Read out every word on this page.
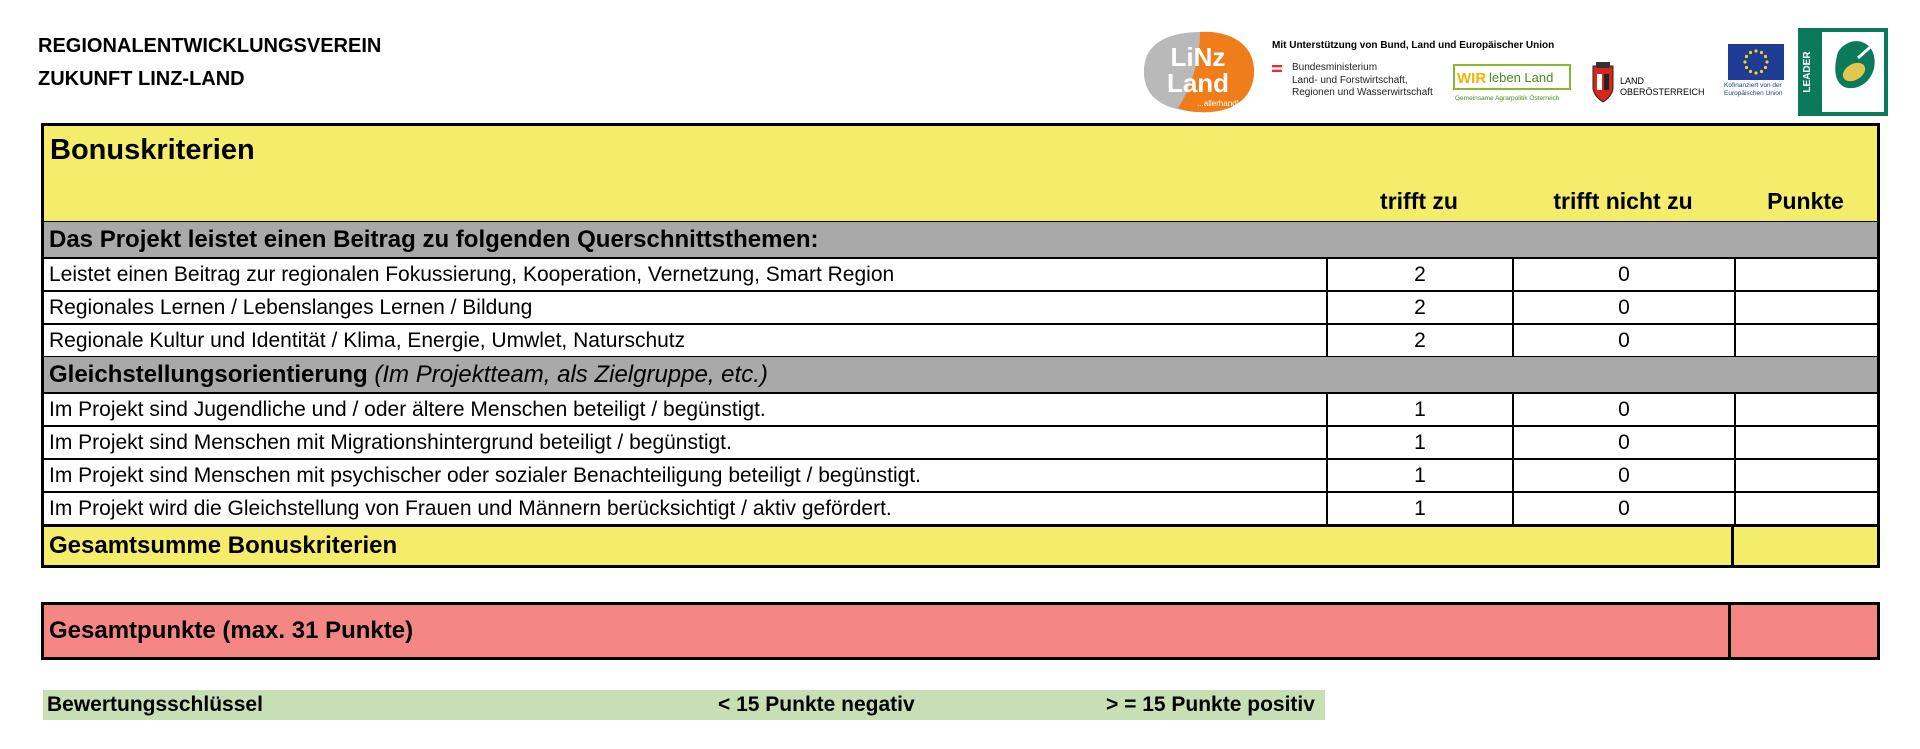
REGIONALENTWICKLUNGSVEREIN
ZUKUNFT LINZ-LAND
LiNz
Land
...allerhand!
Mit Unterstützung von Bund, Land und Europäischer Union
Bundesministerium
Land- und Forstwirtschaft,
Regionen und Wasserwirtschaft
WIR leben Land
Gemeinsame Agrarpolitik Österreich
LAND
OBERÖSTERREICH
Kofinanziert von der
Europäischen Union
LEADER
Bonuskriterien
trifft zu	trifft nicht zu	Punkte
Das Projekt leistet einen Beitrag zu folgenden Querschnittsthemen:
Leistet einen Beitrag zur regionalen Fokussierung, Kooperation, Vernetzung, Smart Region	2	0
Regionales Lernen / Lebenslanges Lernen / Bildung	2	0
Regionale Kultur und Identität / Klima, Energie, Umwlet, Naturschutz	2	0
Gleichstellungsorientierung
(Im Projektteam, als Zielgruppe, etc.)
Im Projekt sind Jugendliche und / oder ältere Menschen beteiligt / begünstigt.	1	0
Im Projekt sind Menschen mit Migrationshintergrund beteiligt / begünstigt.	1	0
Im Projekt sind Menschen mit psychischer oder sozialer Benachteiligung beteiligt / begünstigt.	1	0
Im Projekt wird die Gleichstellung von Frauen und Männern berücksichtigt / aktiv gefördert.	1	0
Gesamtsumme Bonuskriterien
Gesamtpunkte (max. 31 Punkte)
Bewertungsschlüssel	< 15 Punkte negativ	> = 15 Punkte positiv
